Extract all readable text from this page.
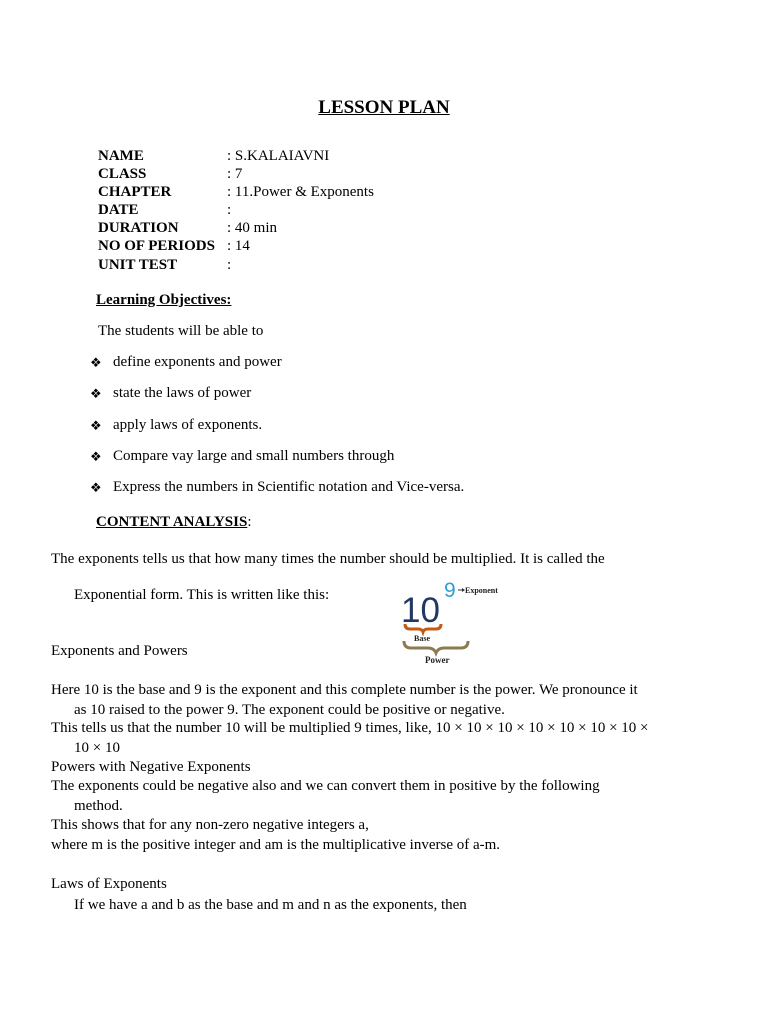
LESSON PLAN
NAME	: S.KALAIAVNI
CLASS	: 7
CHAPTER	: 11.Power & Exponents
DATE	:
DURATION	: 40 min
NO OF PERIODS : 14
UNIT TEST	:
Learning Objectives:
The students will be able to
❖ define exponents and power
❖ state the laws of power
❖ apply laws of exponents.
❖ Compare vay large and small numbers through
❖ Express the numbers in Scientific notation and Vice-versa.
CONTENT ANALYSIS:
The exponents tells us that how many times the number should be multiplied. It is called the
Exponential form. This is written like this:
Exponents and Powers
10
9 Exponent
Base
Power
Here 10 is the base and 9 is the exponent and this complete number is the power. We pronounce it
as 10 raised to the power 9. The exponent could be positive or negative.
This tells us that the number 10 will be multiplied 9 times, like, 10 × 10 × 10 × 10 × 10 × 10 × 10 ×
10 × 10
Powers with Negative Exponents
The exponents could be negative also and we can convert them in positive by the following
method.
This shows that for any non-zero negative integers a,
where m is the positive integer and am is the multiplicative inverse of a-m.
Laws of Exponents
If we have a and b as the base and m and n as the exponents, then
